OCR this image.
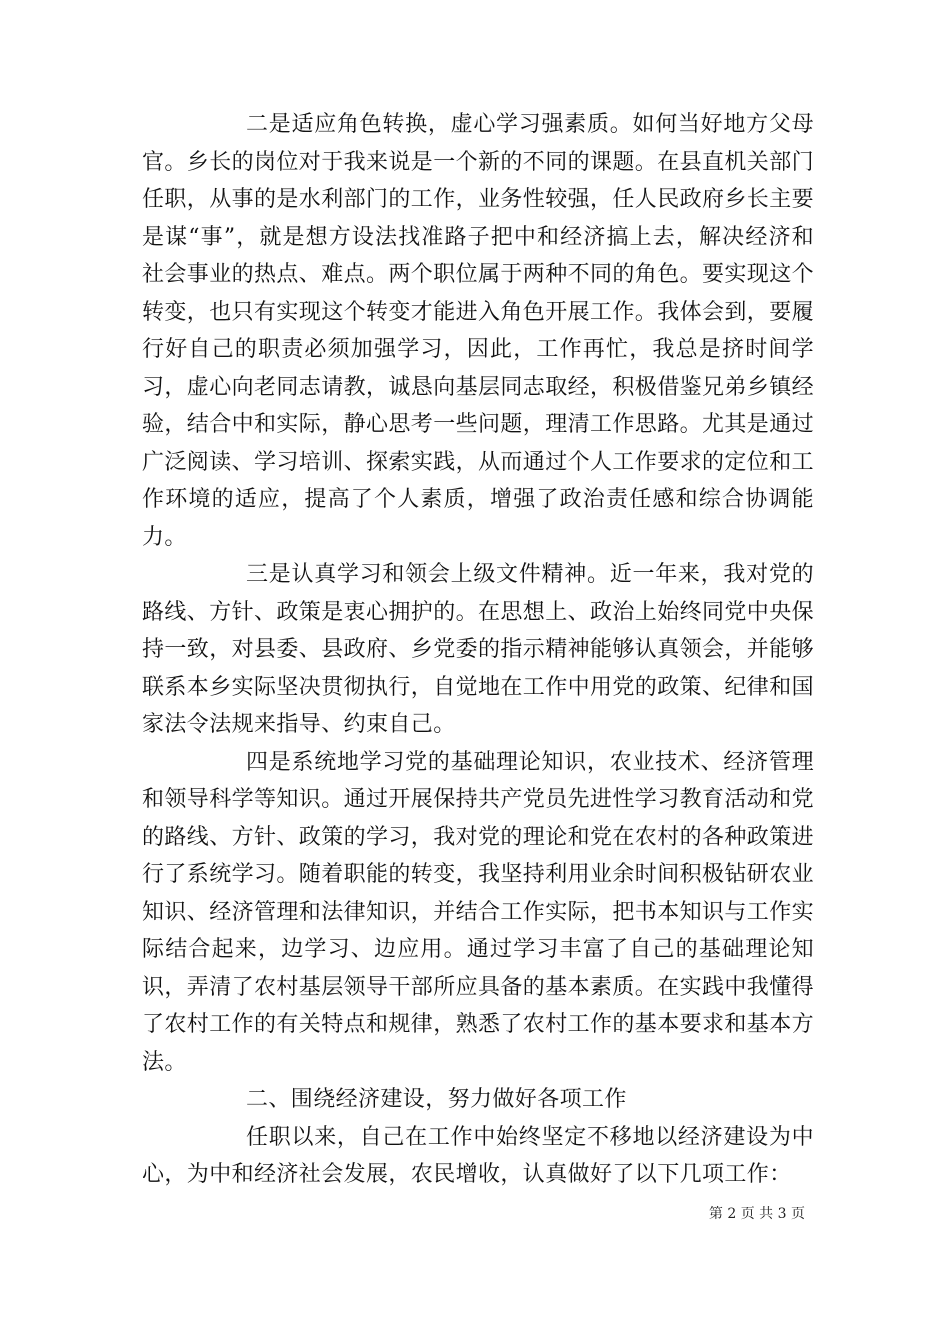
二是适应角色转换，虚心学习强素质。如何当好地方父母官。乡长的岗位对于我来说是一个新的不同的课题。在县直机关部门任职，从事的是水利部门的工作，业务性较强，任人民政府乡长主要是谋“事”，就是想方设法找准路子把中和经济搞上去，解决经济和社会事业的热点、难点。两个职位属于两种不同的角色。要实现这个转变，也只有实现这个转变才能进入角色开展工作。我体会到，要履行好自己的职责必须加强学习，因此，工作再忙，我总是挤时间学习，虚心向老同志请教，诚恳向基层同志取经，积极借鉴兄弟乡镇经验，结合中和实际，静心思考一些问题，理清工作思路。尤其是通过广泛阅读、学习培训、探索实践，从而通过个人工作要求的定位和工作环境的适应，提高了个人素质，增强了政治责任感和综合协调能力。

三是认真学习和领会上级文件精神。近一年来，我对党的路线、方针、政策是衷心拥护的。在思想上、政治上始终同党中央保持一致，对县委、县政府、乡党委的指示精神能够认真领会，并能够联系本乡实际坚决贯彻执行，自觉地在工作中用党的政策、纪律和国家法令法规来指导、约束自己。

四是系统地学习党的基础理论知识，农业技术、经济管理和领导科学等知识。通过开展保持共产党员先进性学习教育活动和党的路线、方针、政策的学习，我对党的理论和党在农村的各种政策进行了系统学习。随着职能的转变，我坚持利用业余时间积极钻研农业知识、经济管理和法律知识，并结合工作实际，把书本知识与工作实际结合起来，边学习、边应用。通过学习丰富了自己的基础理论知识，弄清了农村基层领导干部所应具备的基本素质。在实践中我懂得了农村工作的有关特点和规律，熟悉了农村工作的基本要求和基本方法。

二、围绕经济建设，努力做好各项工作

任职以来，自己在工作中始终坚定不移地以经济建设为中心，为中和经济社会发展，农民增收，认真做好了以下几项工作：

第 2 页 共 3 页
